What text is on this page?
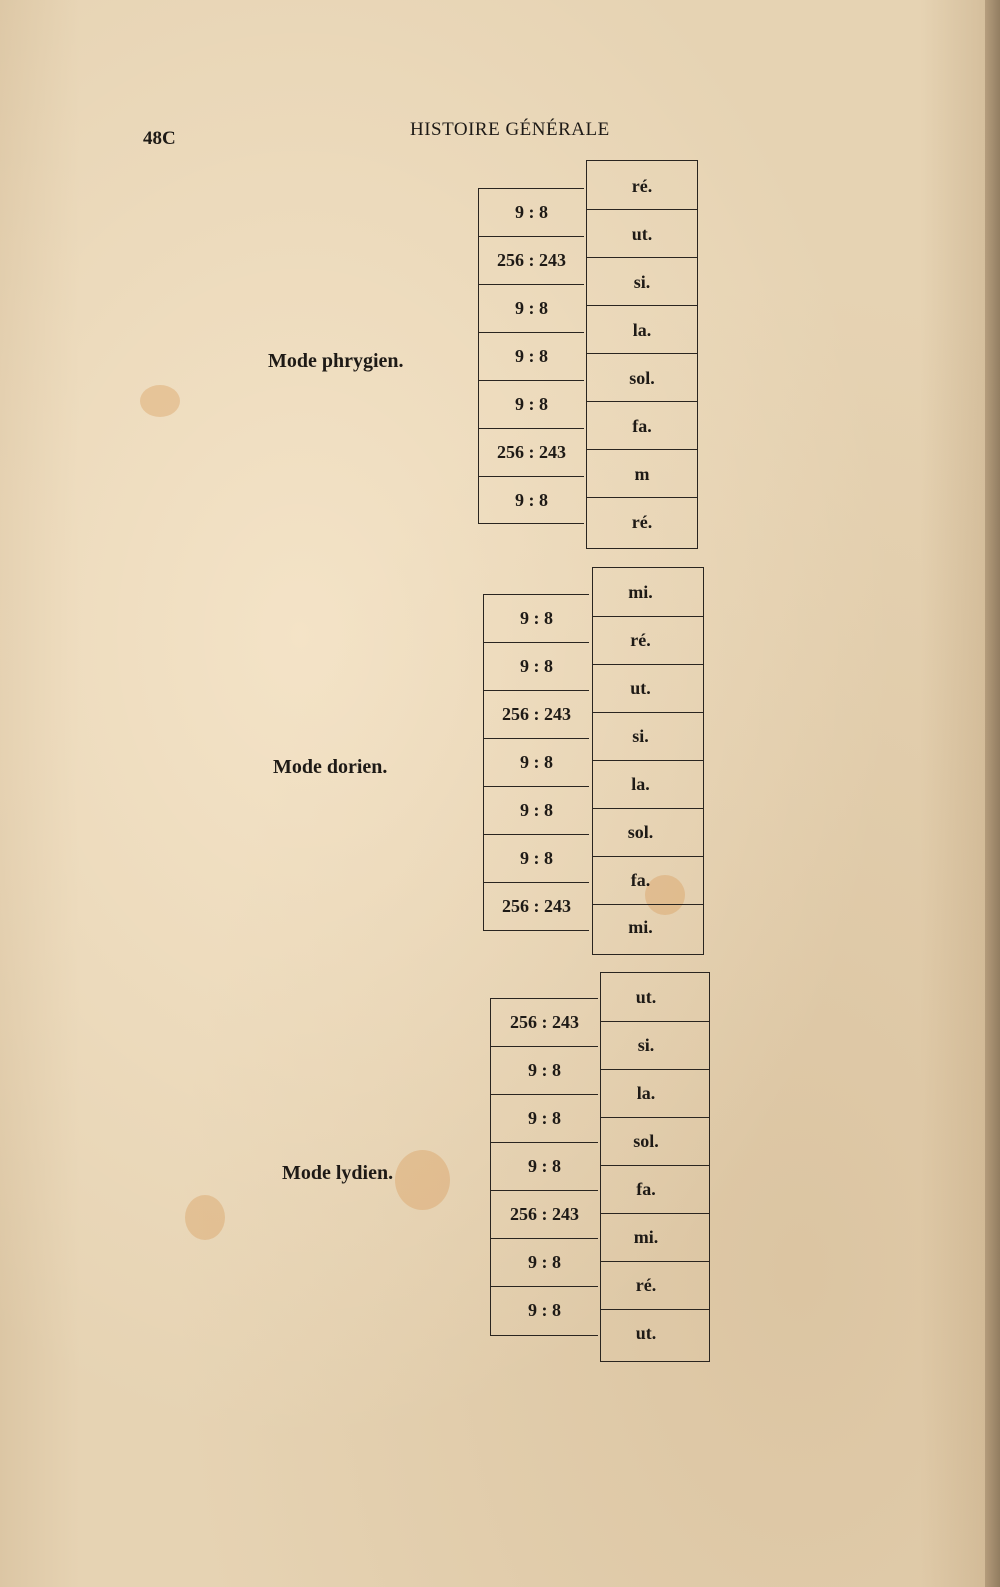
48C	HISTOIRE GÉNÉRALE
Mode phrygien.
9 : 8
256 : 243
9 : 8
9 : 8
9 : 8
256 : 243
9 : 8
ré.
ut.
si.
la.
sol.
fa.
m
ré.
Mode dorien.
9 : 8
9 : 8
256 : 243
9 : 8
9 : 8
9 : 8
256 : 243
mi.
ré.
ut.
si.
la.
sol.
fa.
mi.
Mode lydien.
256 : 243
9 : 8
9 : 8
9 : 8
256 : 243
9 : 8
9 : 8
ut.
si.
la.
sol.
fa.
mi.
ré.
ut.
